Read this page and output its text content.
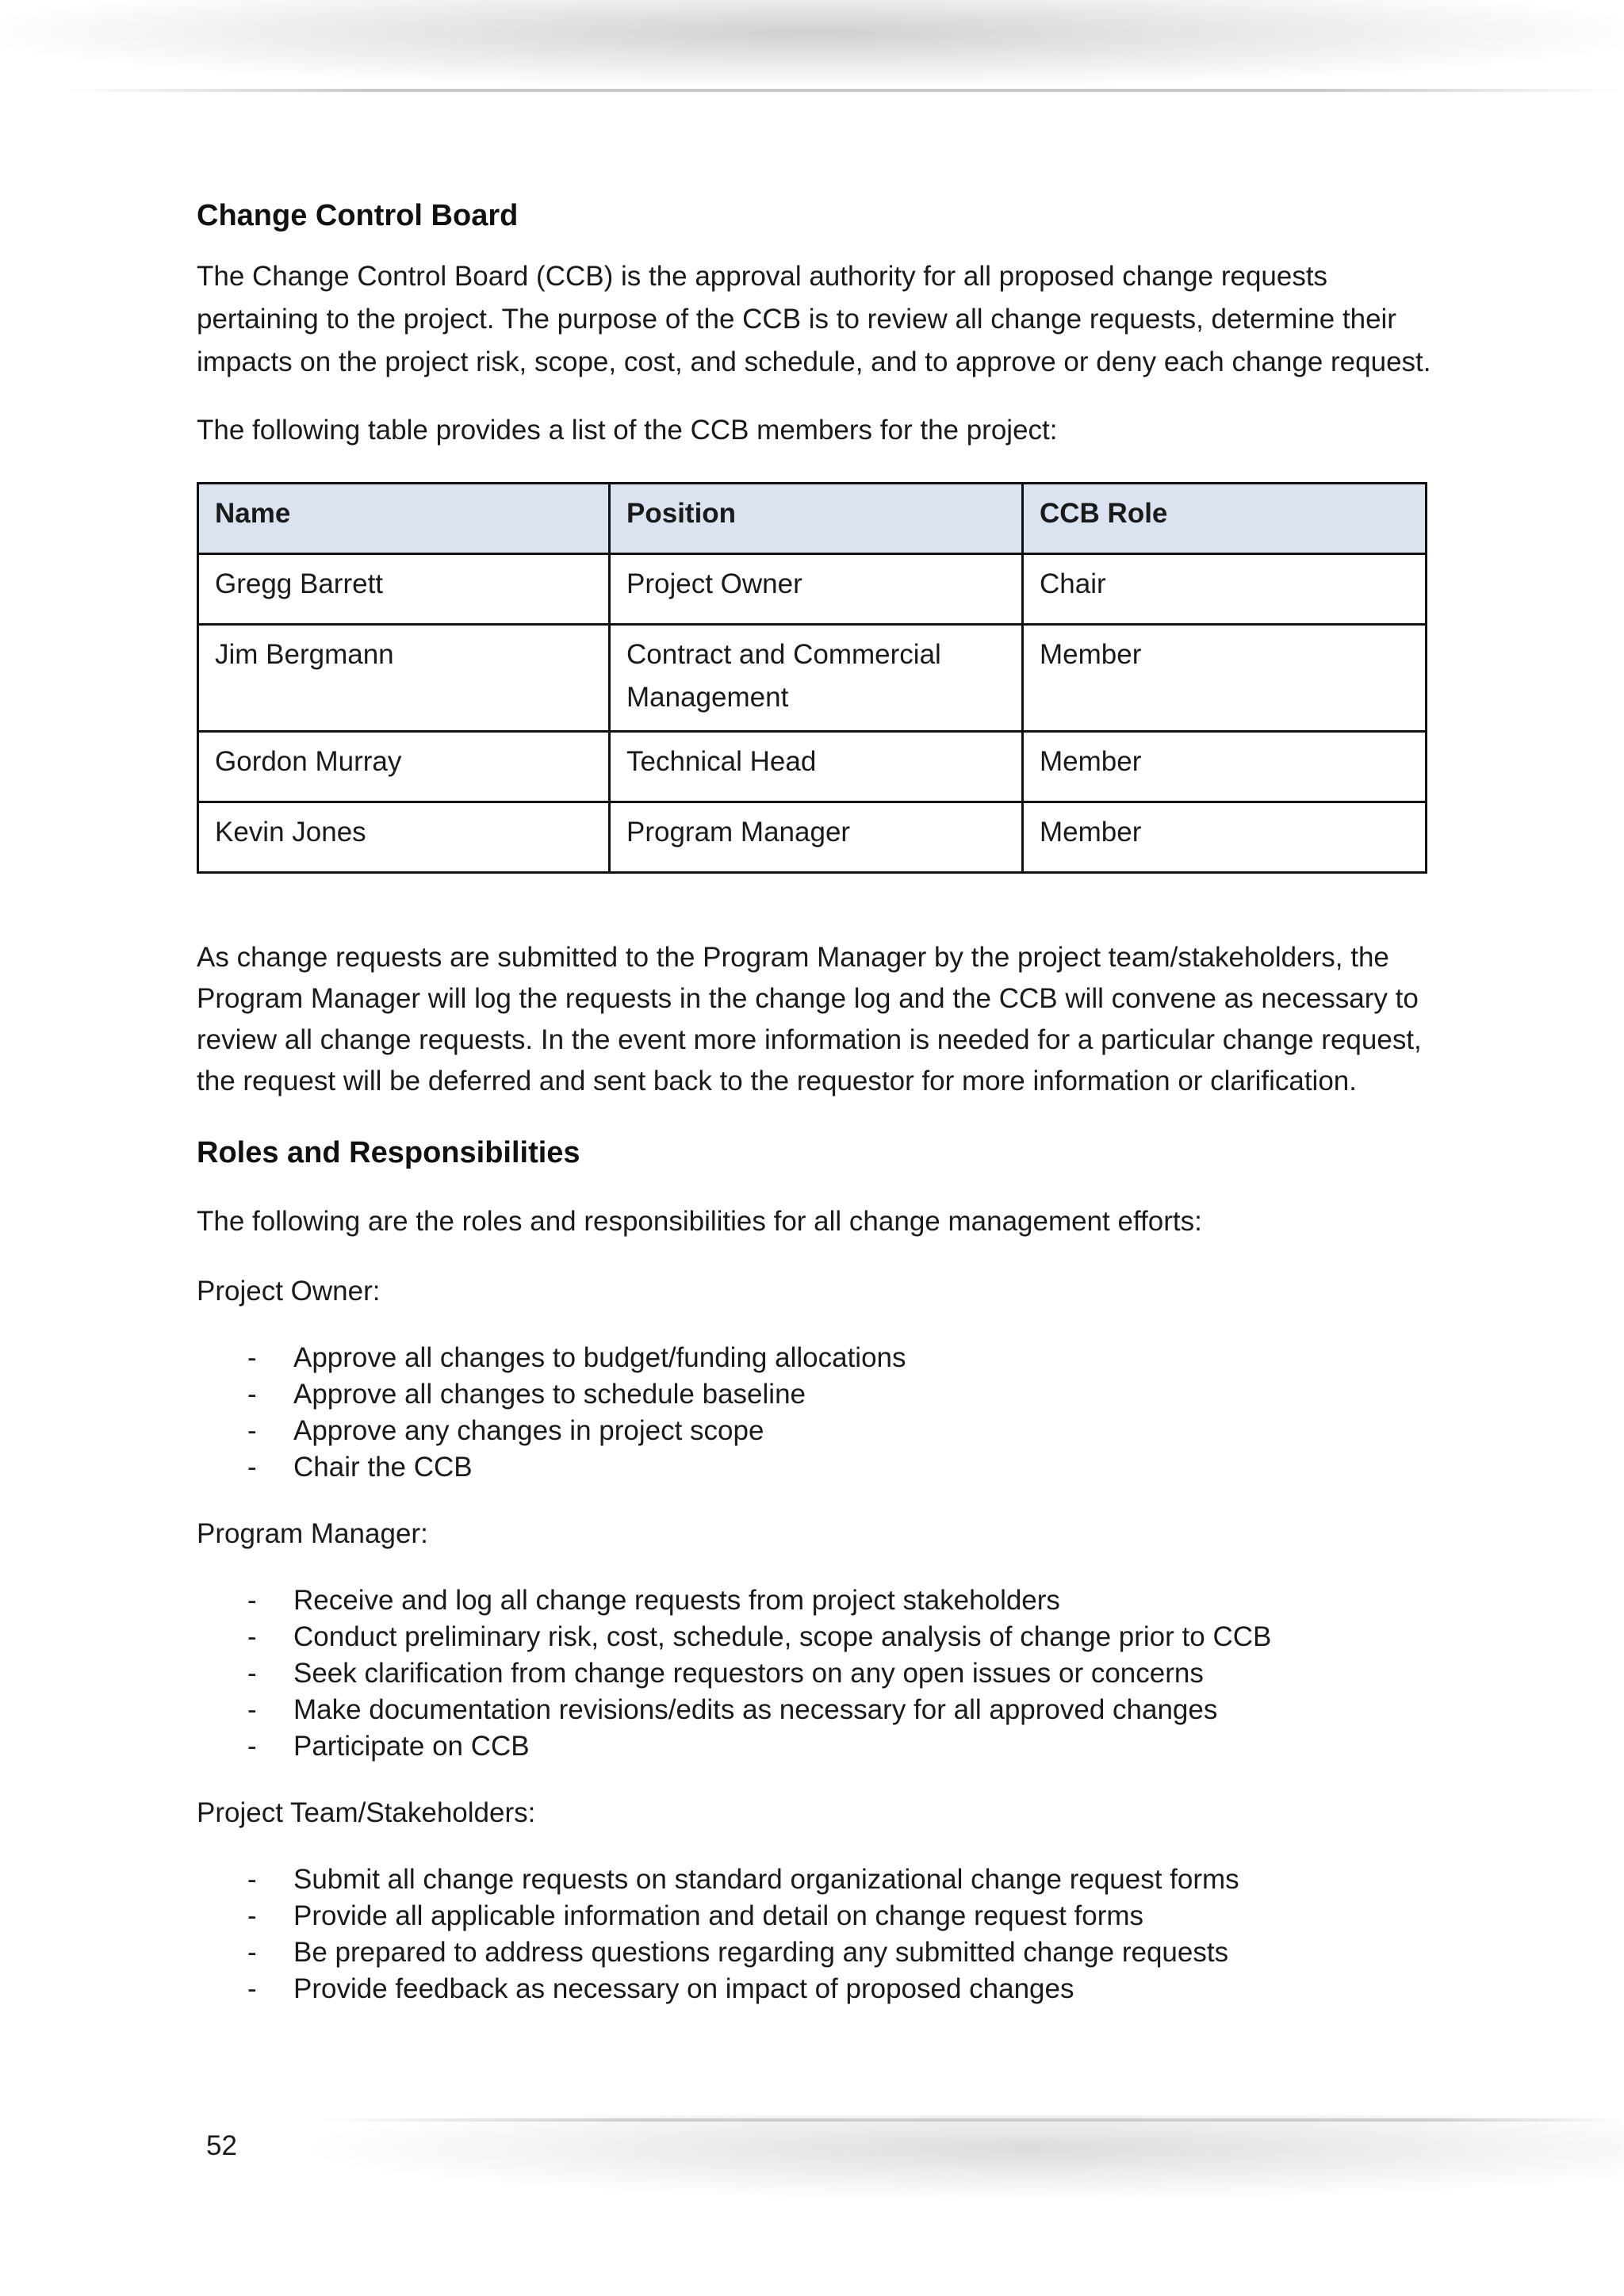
Change Control Board

The Change Control Board (CCB) is the approval authority for all proposed change requests pertaining to the project. The purpose of the CCB is to review all change requests, determine their impacts on the project risk, scope, cost, and schedule, and to approve or deny each change request.

The following table provides a list of the CCB members for the project:

Name	Position	CCB Role
Gregg Barrett	Project Owner	Chair
Jim Bergmann	Contract and Commercial Management	Member
Gordon Murray	Technical Head	Member
Kevin Jones	Program Manager	Member

As change requests are submitted to the Program Manager by the project team/stakeholders, the Program Manager will log the requests in the change log and the CCB will convene as necessary to review all change requests. In the event more information is needed for a particular change request, the request will be deferred and sent back to the requestor for more information or clarification.

Roles and Responsibilities

The following are the roles and responsibilities for all change management efforts:

Project Owner:

- Approve all changes to budget/funding allocations
- Approve all changes to schedule baseline
- Approve any changes in project scope
- Chair the CCB

Program Manager:

- Receive and log all change requests from project stakeholders
- Conduct preliminary risk, cost, schedule, scope analysis of change prior to CCB
- Seek clarification from change requestors on any open issues or concerns
- Make documentation revisions/edits as necessary for all approved changes
- Participate on CCB

Project Team/Stakeholders:

- Submit all change requests on standard organizational change request forms
- Provide all applicable information and detail on change request forms
- Be prepared to address questions regarding any submitted change requests
- Provide feedback as necessary on impact of proposed changes
52
